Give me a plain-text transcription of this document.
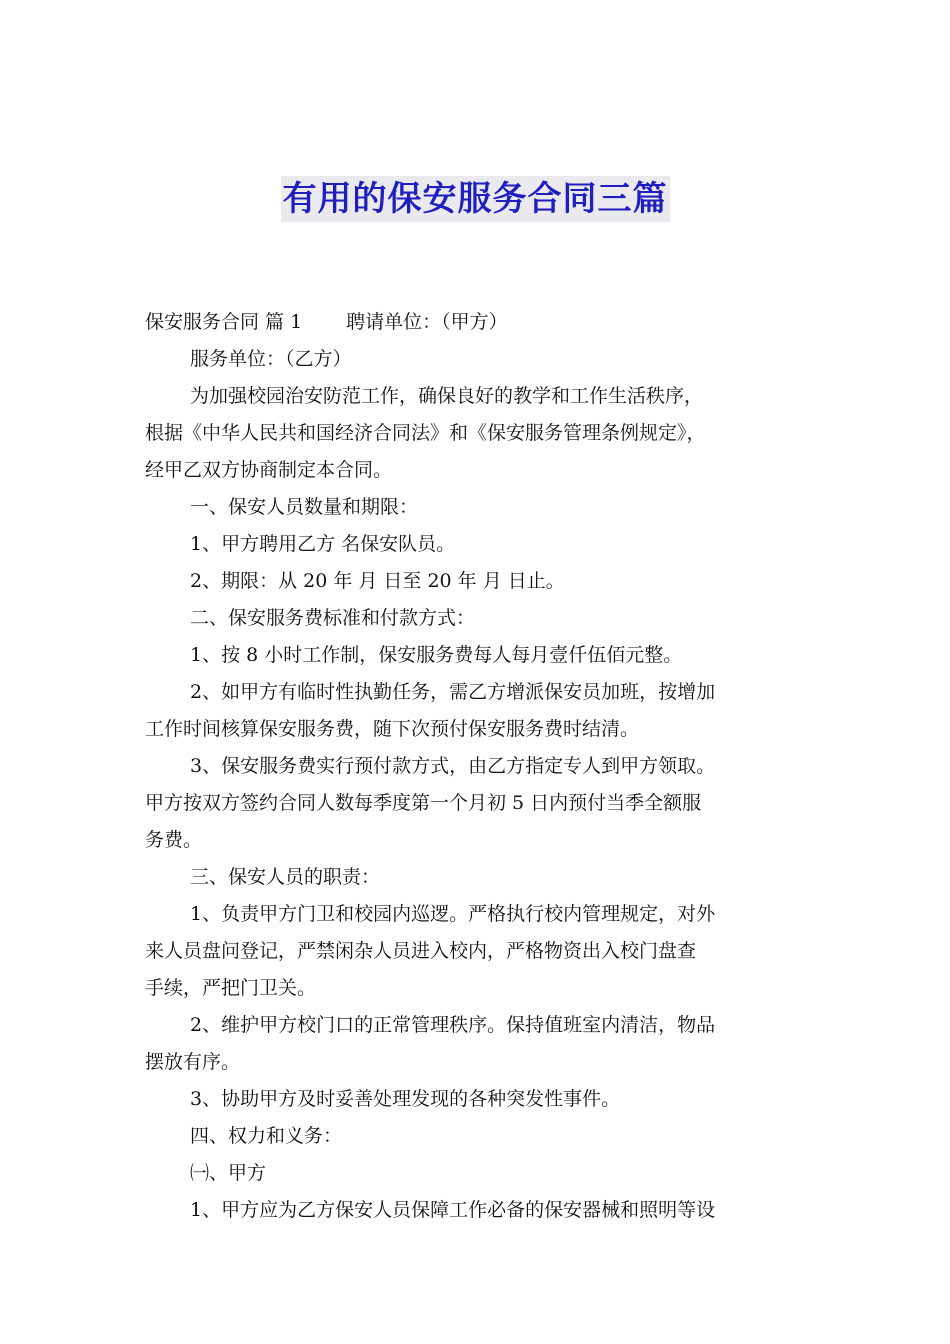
有用的保安服务合同三篇

保安服务合同 篇 1 聘请单位：（甲方）

服务单位：（乙方）

为加强校园治安防范工作，确保良好的教学和工作生活秩序，

根据《中华人民共和国经济合同法》和《保安服务管理条例规定》，

经甲乙双方协商制定本合同。

一、保安人员数量和期限：

1、甲方聘用乙方 名保安队员。

2、期限：从 20 年 月 日至 20 年 月 日止。

二、保安服务费标准和付款方式：

1、按 8 小时工作制，保安服务费每人每月壹仟伍佰元整。

2、如甲方有临时性执勤任务，需乙方增派保安员加班，按增加

工作时间核算保安服务费，随下次预付保安服务费时结清。

3、保安服务费实行预付款方式，由乙方指定专人到甲方领取。

甲方按双方签约合同人数每季度第一个月初 5 日内预付当季全额服

务费。

三、保安人员的职责：

1、负责甲方门卫和校园内巡逻。严格执行校内管理规定，对外

来人员盘问登记，严禁闲杂人员进入校内，严格物资出入校门盘查

手续，严把门卫关。

2、维护甲方校门口的正常管理秩序。保持值班室内清洁，物品

摆放有序。

3、协助甲方及时妥善处理发现的各种突发性事件。

四、权力和义务：

㈠、甲方

1、甲方应为乙方保安人员保障工作必备的保安器械和照明等设
